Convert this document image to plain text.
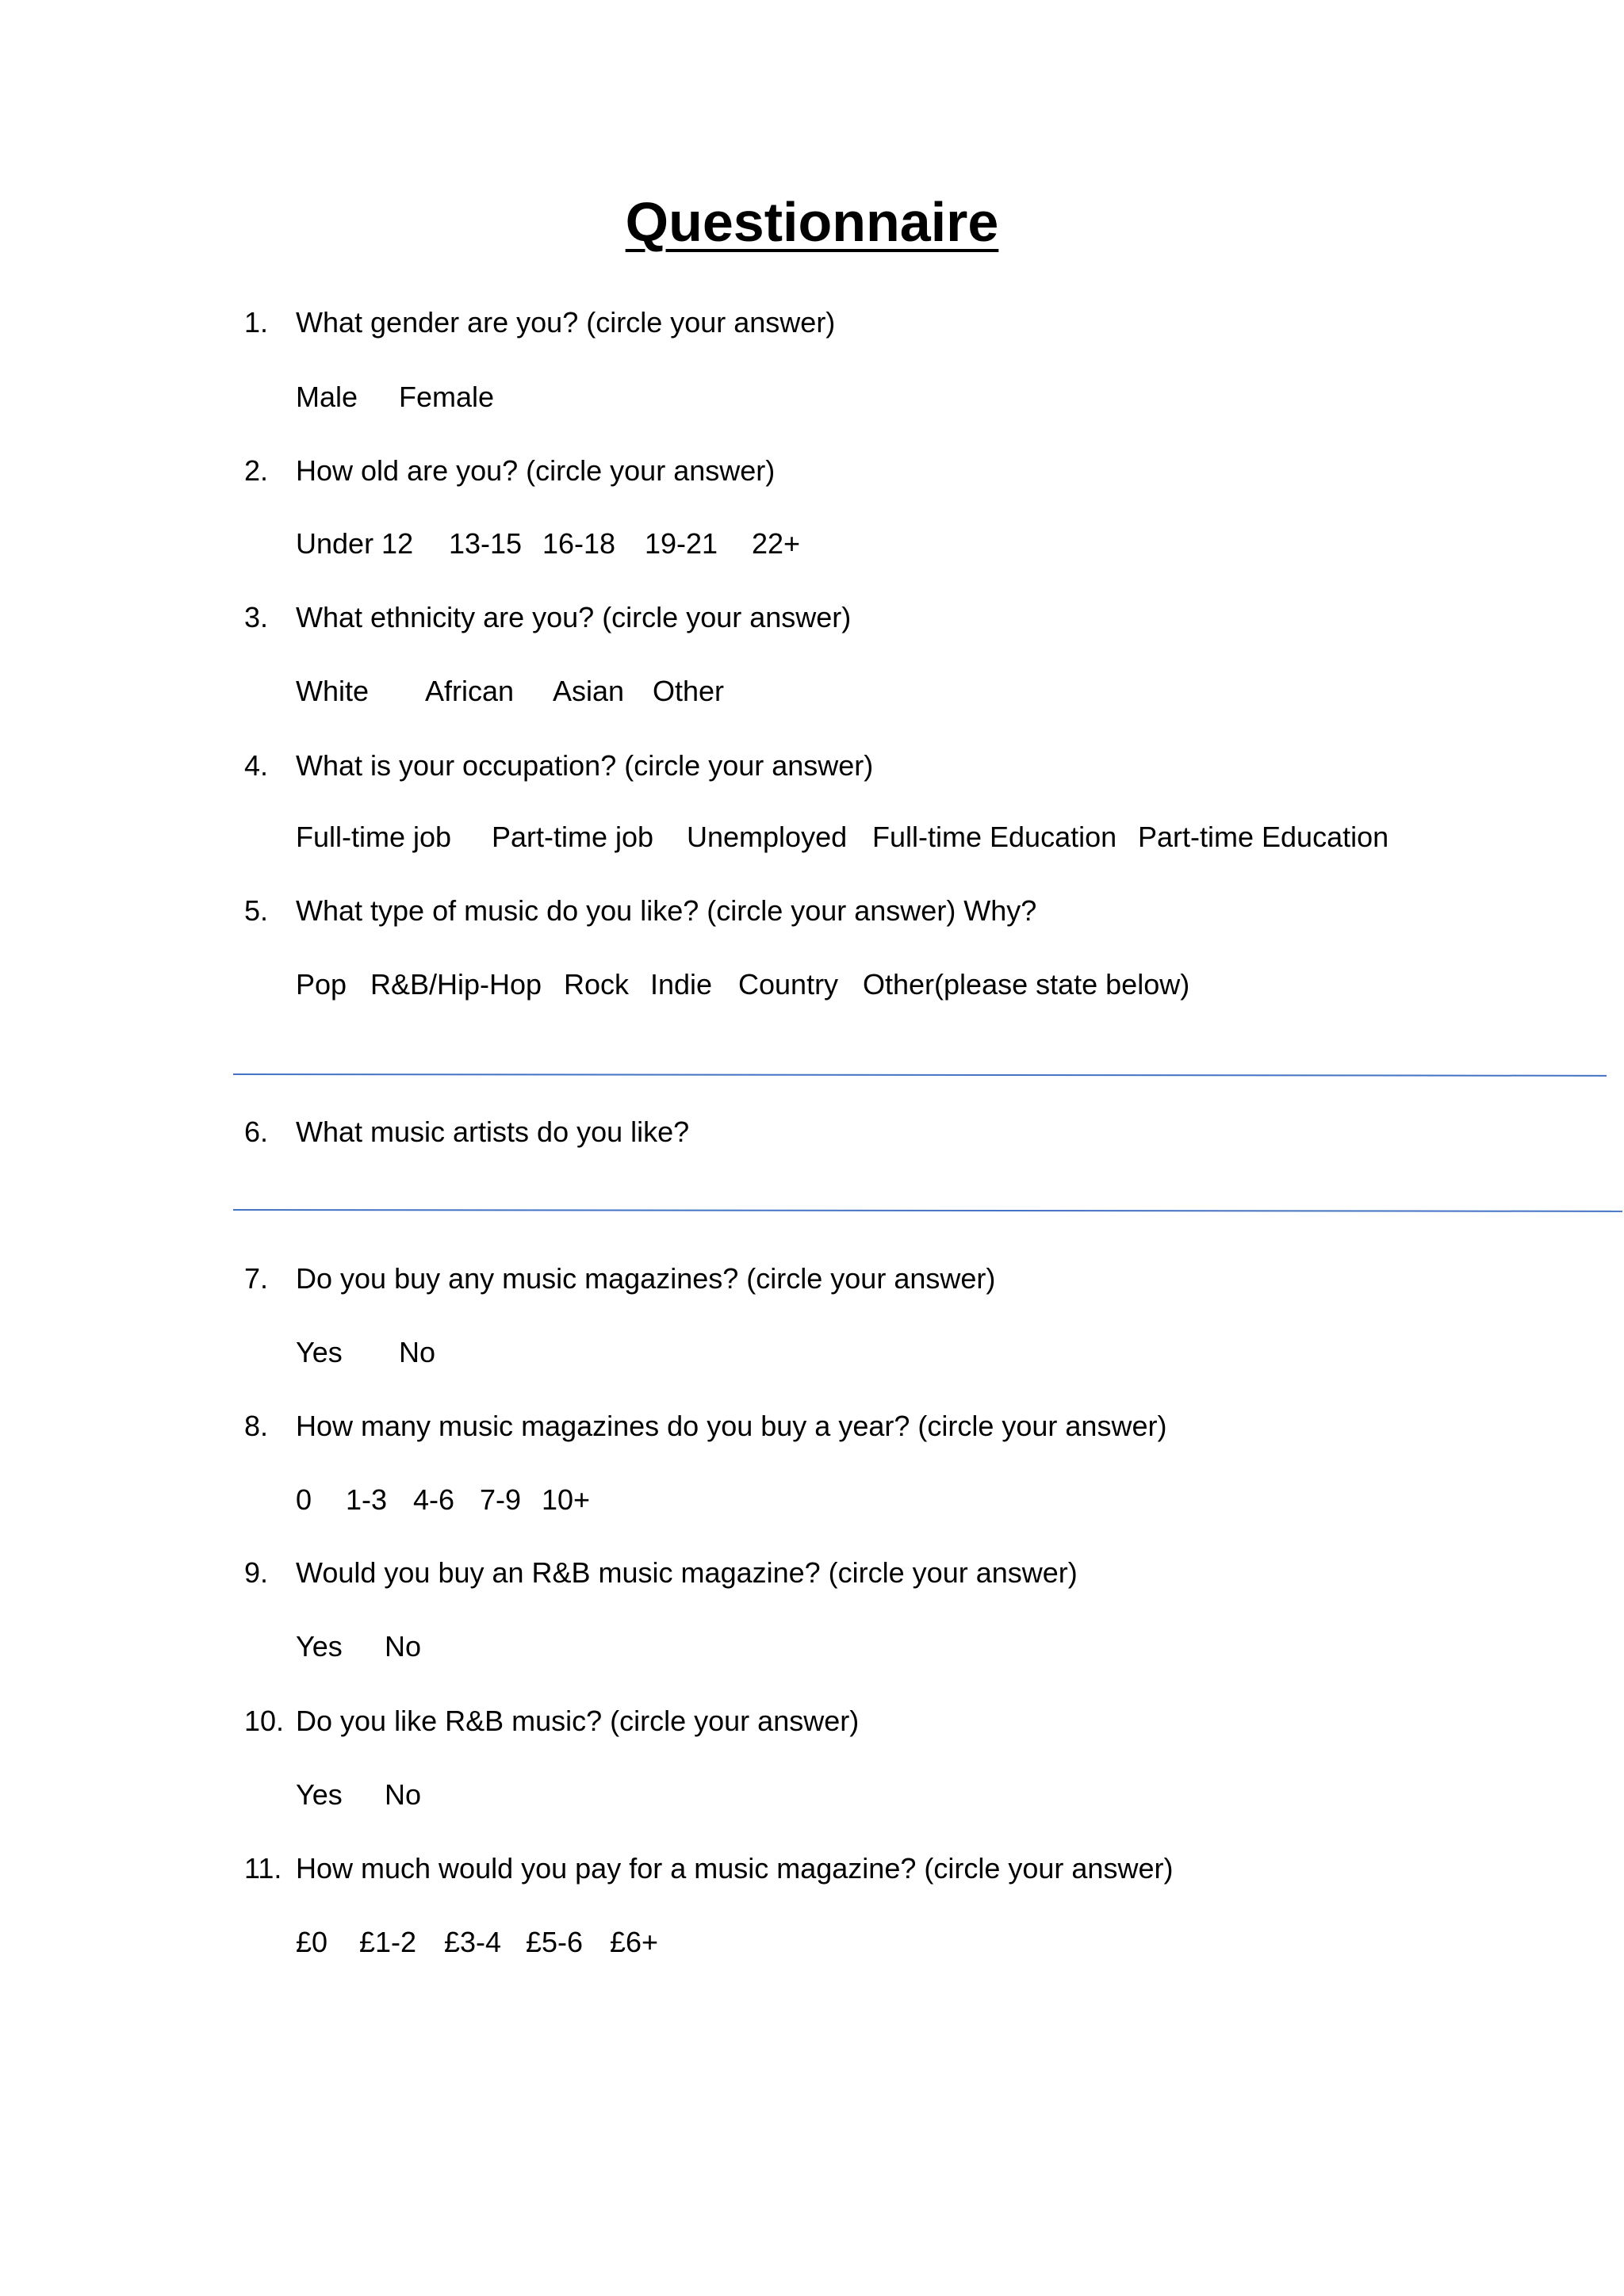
Questionnaire
1. What gender are you? (circle your answer)
Male Female
2. How old are you? (circle your answer)
Under 12 13-15 16-18 19-21 22+
3. What ethnicity are you? (circle your answer)
White African Asian Other
4. What is your occupation? (circle your answer)
Full-time job Part-time job Unemployed Full-time Education Part-time Education
5. What type of music do you like? (circle your answer) Why?
Pop R&B/Hip-Hop Rock Indie Country Other(please state below)
6. What music artists do you like?
7. Do you buy any music magazines? (circle your answer)
Yes No
8. How many music magazines do you buy a year? (circle your answer)
0 1-3 4-6 7-9 10+
9. Would you buy an R&B music magazine? (circle your answer)
Yes No
10. Do you like R&B music? (circle your answer)
Yes No
11. How much would you pay for a music magazine? (circle your answer)
£0 £1-2 £3-4 £5-6 £6+
